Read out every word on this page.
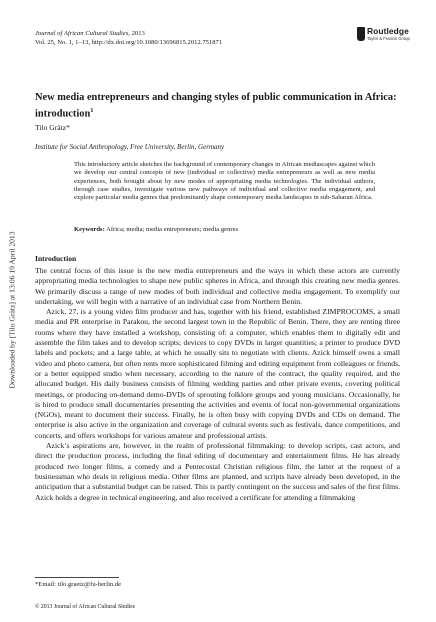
Downloaded by [Tilo Grätz] at 13:06 19 April 2013
Journal of African Cultural Studies, 2013
Vol. 25, No. 1, 1–13, http://dx.doi.org/10.1080/13696815.2012.751871
Routledge
Taylor & Francis Group
New media entrepreneurs and changing styles of public communication in Africa: introduction$^1$
Tilo Grätz*
Institute for Social Anthropology, Free University, Berlin, Germany

This introductory article sketches the background of contemporary changes in African mediascapes against which we develop our central concepts of new (individual or collective) media entrepreneurs as well as new media experiences, both brought about by new modes of appropriating media technologies. The individual authors, through case studies, investigate various new pathways of individual and collective media engagement, and explore particular media genres that predominantly shape contemporary media landscapes in sub-Saharan Africa.

Keywords: Africa; media; media entrepreneurs; media genres
Introduction

The central focus of this issue is the new media entrepreneurs and the ways in which these actors are currently appropriating media technologies to shape new public spheres in Africa, and through this creating new media genres. We primarily discuss a range of new modes of both individual and collective media engagement. To exemplify our undertaking, we will begin with a narrative of an individual case from Northern Benin.

Azick, 27, is a young video film producer and has, together with his friend, established ZIMPROCOMS, a small media and PR enterprise in Parakou, the second largest town in the Republic of Benin. There, they are renting three rooms where they have installed a workshop, consisting of: a computer, which enables them to digitally edit and assemble the film takes and to develop scripts; devices to copy DVDs in larger quantities; a printer to produce DVD labels and pockets; and a large table, at which he usually sits to negotiate with clients. Azick himself owns a small video and photo camera, but often rents more sophisticated filming and editing equipment from colleagues or friends, or a better equipped studio when necessary, according to the nature of the contract, the quality required, and the allocated budget. His daily business consists of filming wedding parties and other private events, covering political meetings, or producing on-demand demo-DVDs of sprouting folklore groups and young musicians. Occasionally, he is hired to produce small documentaries presenting the activities and events of local non-governmental organizations (NGOs), meant to document their success. Finally, he is often busy with copying DVDs and CDs on demand. The enterprise is also active in the organization and coverage of cultural events such as festivals, dance competitions, and concerts, and offers workshops for various amateur and professional artists.

Azick’s aspirations are, however, in the realm of professional filmmaking: to develop scripts, cast actors, and direct the production process, including the final editing of documentary and entertainment films. He has already produced two longer films, a comedy and a Pentecostal Christian religious film, the latter at the request of a businessman who deals in religious media. Other films are planned, and scripts have already been developed, in the anticipation that a substantial budget can be raised. This is partly contingent on the success and sales of the first films. Azick holds a degree in technical engineering, and also received a certificate for attending a filmmaking

*Email: tilo.graetz@fu-berlin.de
© 2013 Journal of African Cultural Studies
